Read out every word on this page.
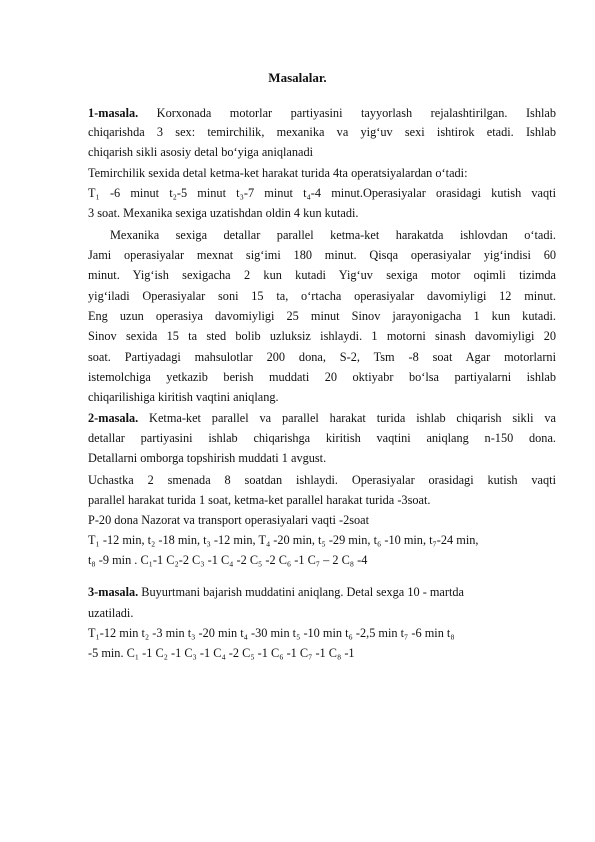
Masalalar.
1-masala. Korxonada motorlar partiyasini tayyorlash rejalashtirilgan. Ishlab
chiqarishda 3 sex: temirchilik, mexanika va yig‘uv sexi ishtirok etadi. Ishlab
chiqarish sikli asosiy detal bo‘yiga aniqlanadi
Temirchilik sexida detal ketma-ket harakat turida 4ta operatsiyalardan o‘tadi:
T₁ -6 minut t₂-5 minut t₃-7 minut t₄-4 minut.Operasiyalar orasidagi kutish vaqti
3 soat. Mexanika sexiga uzatishdan oldin 4 kun kutadi.
Mexanika sexiga detallar parallel ketma-ket harakatda ishlovdan o‘tadi.
Jami operasiyalar mexnat sig‘imi 180 minut. Qisqa operasiyalar yig‘indisi 60
minut. Yig‘ish sexigacha 2 kun kutadi Yig‘uv sexiga motor oqimli tizimda
yig‘iladi Operasiyalar soni 15 ta, o‘rtacha operasiyalar davomiyligi 12 minut.
Eng uzun operasiya davomiyligi 25 minut Sinov jarayonigacha 1 kun kutadi.
Sinov sexida 15 ta sted bolib uzluksiz ishlaydi. 1 motorni sinash davomiyligi 20
soat. Partiyadagi mahsulotlar 200 dona, S-2, Tsm -8 soat Agar motorlarni
istemolchiga yetkazib berish muddati 20 oktiyabr bo‘lsa partiyalarni ishlab
chiqarilishiga kiritish vaqtini aniqlang.
2-masala. Ketma-ket parallel va parallel harakat turida ishlab chiqarish sikli va
detallar partiyasini ishlab chiqarishga kiritish vaqtini aniqlang n-150 dona.
Detallarni omborga topshirish muddati 1 avgust.
Uchastka 2 smenada 8 soatdan ishlaydi. Operasiyalar orasidagi kutish vaqti
parallel harakat turida 1 soat, ketma-ket parallel harakat turida -3soat.
P-20 dona Nazorat va transport operasiyalari vaqti -2soat
T₁ -12 min, t₂ -18 min, t₃ -12 min, T₄ -20 min, t₅ -29 min, t₆ -10 min, t₇-24 min,
t₈ -9 min . C₁-1 C₂-2 C₃ -1 C₄ -2 C₅ -2 C₆ -1 C₇ – 2 C₈ -4
3-masala. Buyurtmani bajarish muddatini aniqlang. Detal sexga 10 - martda
uzatiladi.
T₁-12 min t₂ -3 min t₃ -20 min t₄ -30 min t₅ -10 min t₆ -2,5 min t₇ -6 min t₈
-5 min. C₁ -1 C₂ -1 C₃ -1 C₄ -2 C₅ -1 C₆ -1 C₇ -1 C₈ -1
